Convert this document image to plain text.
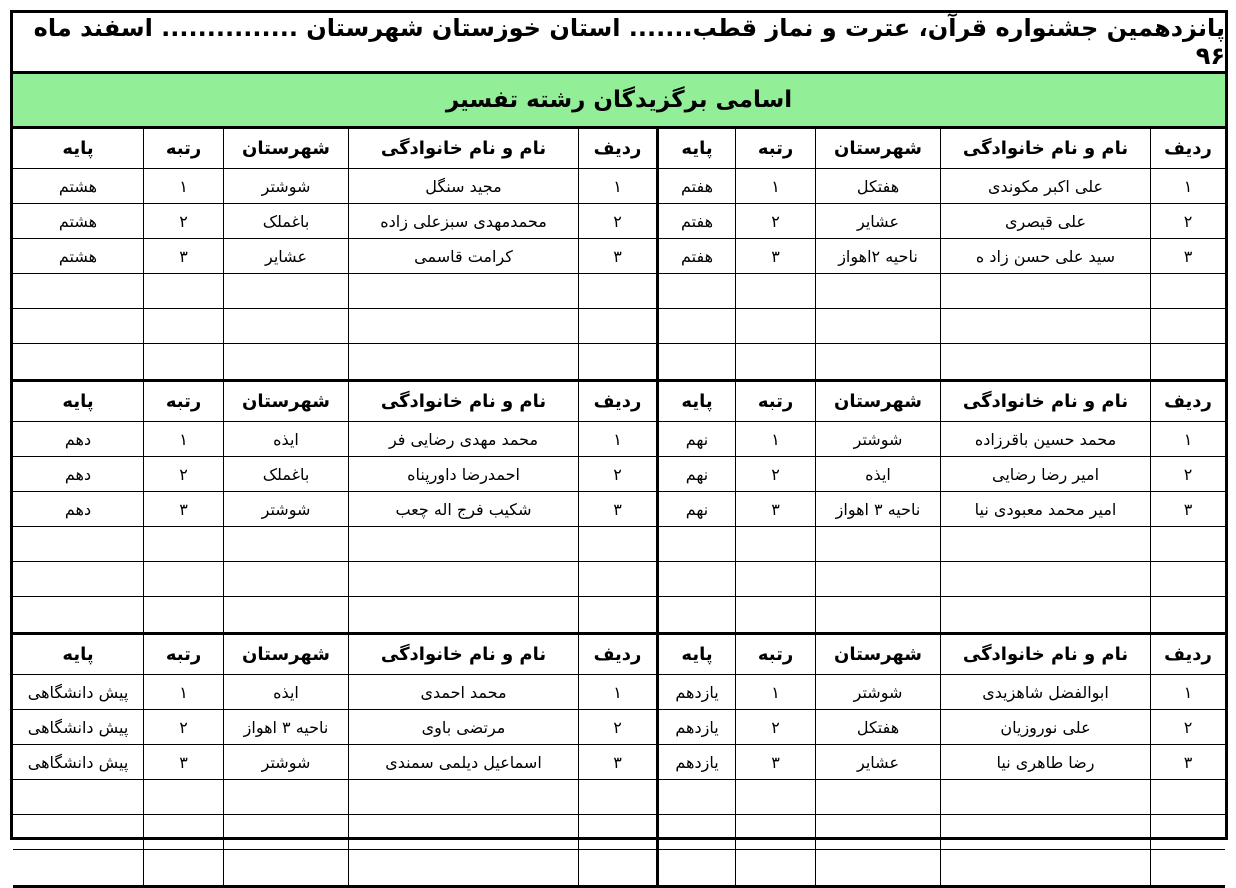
پانزدهمین جشنواره قرآن، عترت و نماز قطب....... استان خوزستان شهرستان ............... اسفند ماه ۹۶
اسامی برگزیدگان رشته تفسیر
ردیف
نام و نام خانوادگی
شهرستان
رتبه
پایه
ردیف
نام و نام خانوادگی
شهرستان
رتبه
پایه
۱
علی اکبر مکوندی
هفتکل
۱
هفتم
۱
مجید سنگل
شوشتر
۱
هشتم
۲
علی قیصری
عشایر
۲
هفتم
۲
محمدمهدی سبزعلی زاده
باغملک
۲
هشتم
۳
سید علی حسن زاد ه
ناحیه ۲اهواز
۳
هفتم
۳
کرامت قاسمی
عشایر
۳
هشتم
ردیف
نام و نام خانوادگی
شهرستان
رتبه
پایه
ردیف
نام و نام خانوادگی
شهرستان
رتبه
پایه
۱
محمد حسین باقرزاده
شوشتر
۱
نهم
۱
محمد مهدی رضایی فر
ایذه
۱
دهم
۲
امیر رضا رضایی
ایذه
۲
نهم
۲
احمدرضا داورپناه
باغملک
۲
دهم
۳
امیر محمد معبودی نیا
ناحیه ۳ اهواز
۳
نهم
۳
شکیب فرج اله چعب
شوشتر
۳
دهم
ردیف
نام و نام خانوادگی
شهرستان
رتبه
پایه
ردیف
نام و نام خانوادگی
شهرستان
رتبه
پایه
۱
ابوالفضل شاهزیدی
شوشتر
۱
یازدهم
۱
محمد احمدی
ایذه
۱
پیش دانشگاهی
۲
علی نوروزیان
هفتکل
۲
یازدهم
۲
مرتضی باوی
ناحیه ۳ اهواز
۲
پیش دانشگاهی
۳
رضا طاهری نیا
عشایر
۳
یازدهم
۳
اسماعیل دیلمی سمندی
شوشتر
۳
پیش دانشگاهی
